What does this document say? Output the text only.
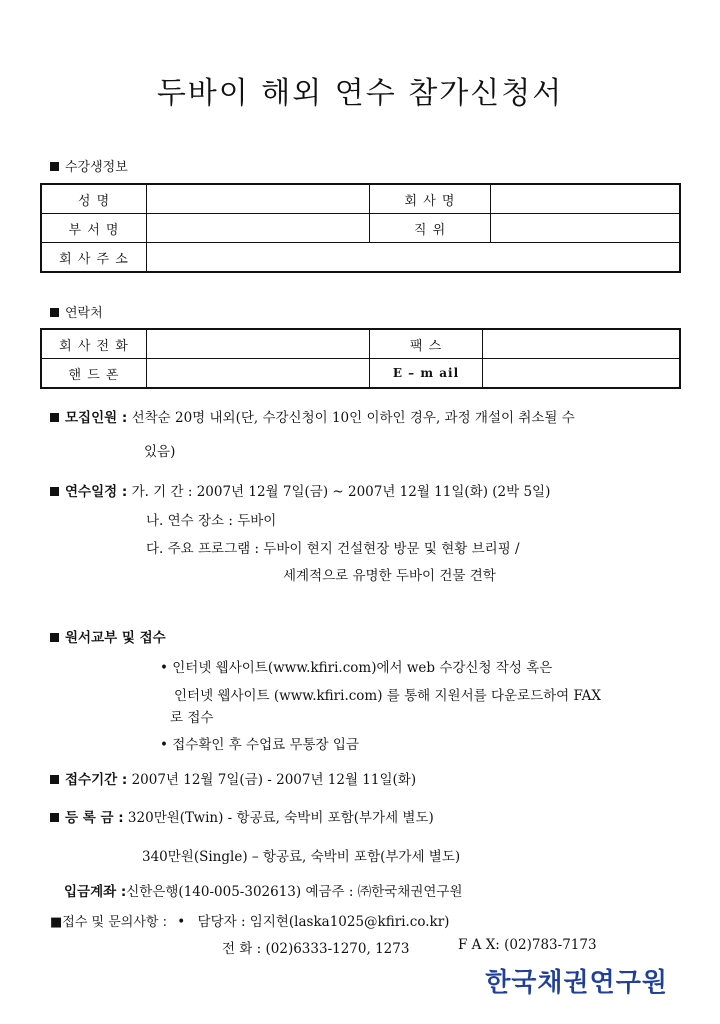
두바이 해외 연수 참가신청서
수강생정보
성 명		회 사 명	
부 서 명		직 위	
회 사 주 소			
연락처
회 사 전 화		팩 스	
핸 드 폰		E – m ail	
모집인원 : 선착순 20명 내외(단, 수강신청이 10인 이하인 경우, 과정 개설이 취소될 수
있음)
연수일정 : 가. 기 간 : 2007년 12월 7일(금) ~ 2007년 12월 11일(화) (2박 5일)
나. 연수 장소 : 두바이
다. 주요 프로그램 : 두바이 현지 건설현장 방문 및 현황 브리핑 /
세계적으로 유명한 두바이 건물 견학
원서교부 및 접수
• 인터넷 웹사이트(www.kfiri.com)에서 web 수강신청 작성 혹은
인터넷 웹사이트 (www.kfiri.com) 를 통해 지원서를 다운로드하여 FAX
로 접수
• 접수확인 후 수업료 무통장 입금
접수기간 : 2007년 12월 7일(금) - 2007년 12월 11일(화)
등 록 금 : 320만원(Twin) - 항공료, 숙박비 포함(부가세 별도)
340만원(Single) – 항공료, 숙박비 포함(부가세 별도)
입금계좌 :신한은행(140-005-302613) 예금주 : ㈜한국채권연구원
■접수 및 문의사항 : • 담당자 : 임지현(laska1025@kfiri.co.kr)
전 화 : (02)6333-1270, 1273	F A X: (02)783-7173
한국채권연구원
